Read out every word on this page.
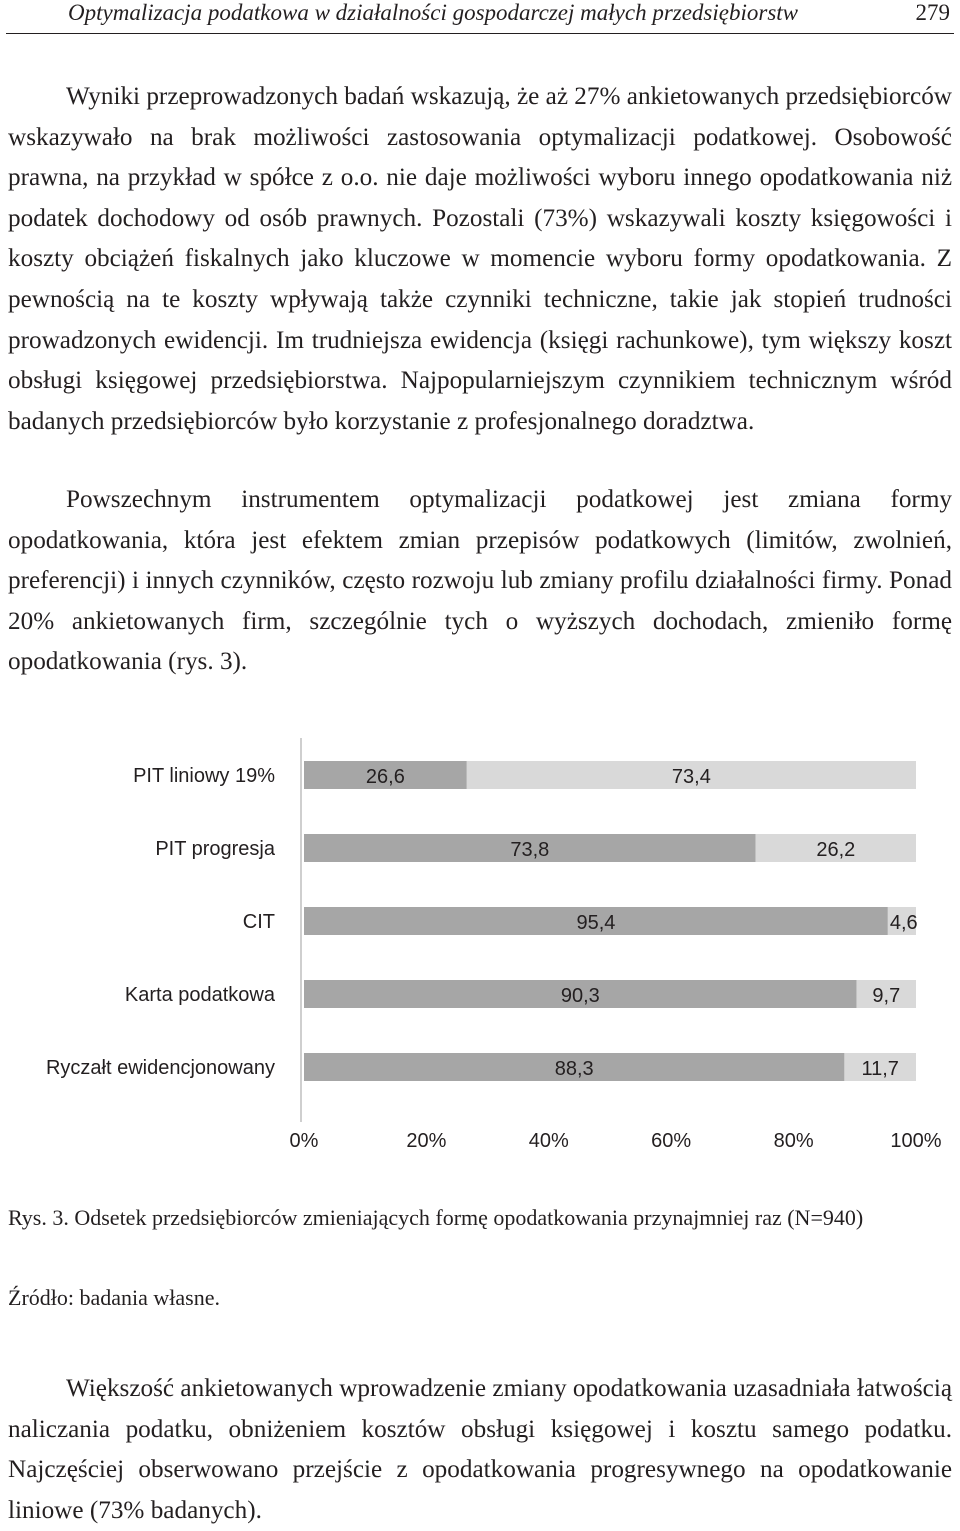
Optymalizacja podatkowa w działalności gospodarczej małych przedsiębiorstw	279

Wyniki przeprowadzonych badań wskazują, że aż 27% ankietowanych przedsiębiorców wskazywało na brak możliwości zastosowania optymalizacji podatkowej. Osobowość prawna, na przykład w spółce z o.o. nie daje możliwości wyboru innego opodatkowania niż podatek dochodowy od osób prawnych. Pozostali (73%) wskazywali koszty księgowości i koszty obciążeń fiskalnych jako kluczowe w momencie wyboru formy opodatkowania. Z pewnością na te koszty wpływają także czynniki techniczne, takie jak stopień trudności prowadzonych ewidencji. Im trudniejsza ewidencja (księgi rachunkowe), tym większy koszt obsługi księgowej przedsiębiorstwa. Najpopularniejszym czynnikiem technicznym wśród badanych przedsiębiorców było korzystanie z profesjonalnego doradztwa.

Powszechnym instrumentem optymalizacji podatkowej jest zmiana formy opodatkowania, która jest efektem zmian przepisów podatkowych (limitów, zwolnień, preferencji) i innych czynników, często rozwoju lub zmiany profilu działalności firmy. Ponad 20% ankietowanych firm, szczególnie tych o wyższych dochodach, zmieniło formę opodatkowania (rys. 3).

PIT liniowy 19%	26,6	73,4
PIT progresja	73,8	26,2
CIT	95,4	4,6
Karta podatkowa	90,3	9,7
Ryczałt ewidencjonowany	88,3	11,7
0%	20%	40%	60%	80%	100%

Rys. 3. Odsetek przedsiębiorców zmieniających formę opodatkowania przynajmniej raz (N=940)

Źródło: badania własne.

Większość ankietowanych wprowadzenie zmiany opodatkowania uzasadniała łatwością naliczania podatku, obniżeniem kosztów obsługi księgowej i kosztu samego podatku. Najczęściej obserwowano przejście z opodatkowania progresywnego na opodatkowanie liniowe (73% badanych).
